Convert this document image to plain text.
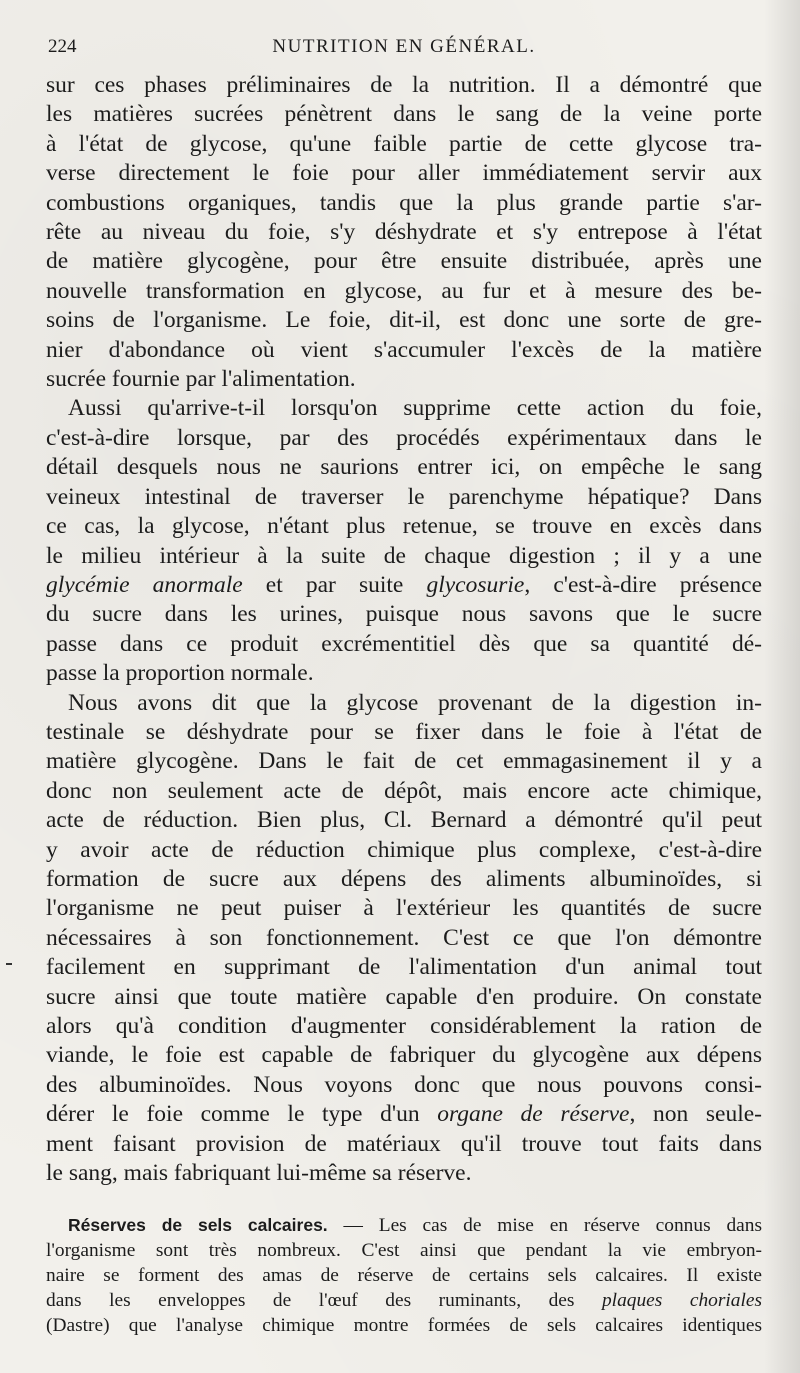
224	NUTRITION EN GÉNÉRAL.
sur ces phases préliminaires de la nutrition. Il a démontré que
les matières sucrées pénètrent dans le sang de la veine porte
à l'état de glycose, qu'une faible partie de cette glycose tra-
verse directement le foie pour aller immédiatement servir aux
combustions organiques, tandis que la plus grande partie s'ar-
rête au niveau du foie, s'y déshydrate et s'y entrepose à l'état
de matière glycogène, pour être ensuite distribuée, après une
nouvelle transformation en glycose, au fur et à mesure des be-
soins de l'organisme. Le foie, dit-il, est donc une sorte de gre-
nier d'abondance où vient s'accumuler l'excès de la matière
sucrée fournie par l'alimentation.
Aussi qu'arrive-t-il lorsqu'on supprime cette action du foie,
c'est-à-dire lorsque, par des procédés expérimentaux dans le
détail desquels nous ne saurions entrer ici, on empêche le sang
veineux intestinal de traverser le parenchyme hépatique? Dans
ce cas, la glycose, n'étant plus retenue, se trouve en excès dans
le milieu intérieur à la suite de chaque digestion ; il y a une
glycémie anormale et par suite glycosurie, c'est-à-dire présence
du sucre dans les urines, puisque nous savons que le sucre
passe dans ce produit excrémentitiel dès que sa quantité dé-
passe la proportion normale.
Nous avons dit que la glycose provenant de la digestion in-
testinale se déshydrate pour se fixer dans le foie à l'état de
matière glycogène. Dans le fait de cet emmagasinement il y a
donc non seulement acte de dépôt, mais encore acte chimique,
acte de réduction. Bien plus, Cl. Bernard a démontré qu'il peut
y avoir acte de réduction chimique plus complexe, c'est-à-dire
formation de sucre aux dépens des aliments albuminoïdes, si
l'organisme ne peut puiser à l'extérieur les quantités de sucre
nécessaires à son fonctionnement. C'est ce que l'on démontre
facilement en supprimant de l'alimentation d'un animal tout
sucre ainsi que toute matière capable d'en produire. On constate
alors qu'à condition d'augmenter considérablement la ration de
viande, le foie est capable de fabriquer du glycogène aux dépens
des albuminoïdes. Nous voyons donc que nous pouvons consi-
dérer le foie comme le type d'un organe de réserve, non seule-
ment faisant provision de matériaux qu'il trouve tout faits dans
le sang, mais fabriquant lui-même sa réserve.
Réserves de sels calcaires. — Les cas de mise en réserve connus dans
l'organisme sont très nombreux. C'est ainsi que pendant la vie embryon-
naire se forment des amas de réserve de certains sels calcaires. Il existe
dans les enveloppes de l'œuf des ruminants, des plaques choriales
(Dastre) que l'analyse chimique montre formées de sels calcaires identiques
